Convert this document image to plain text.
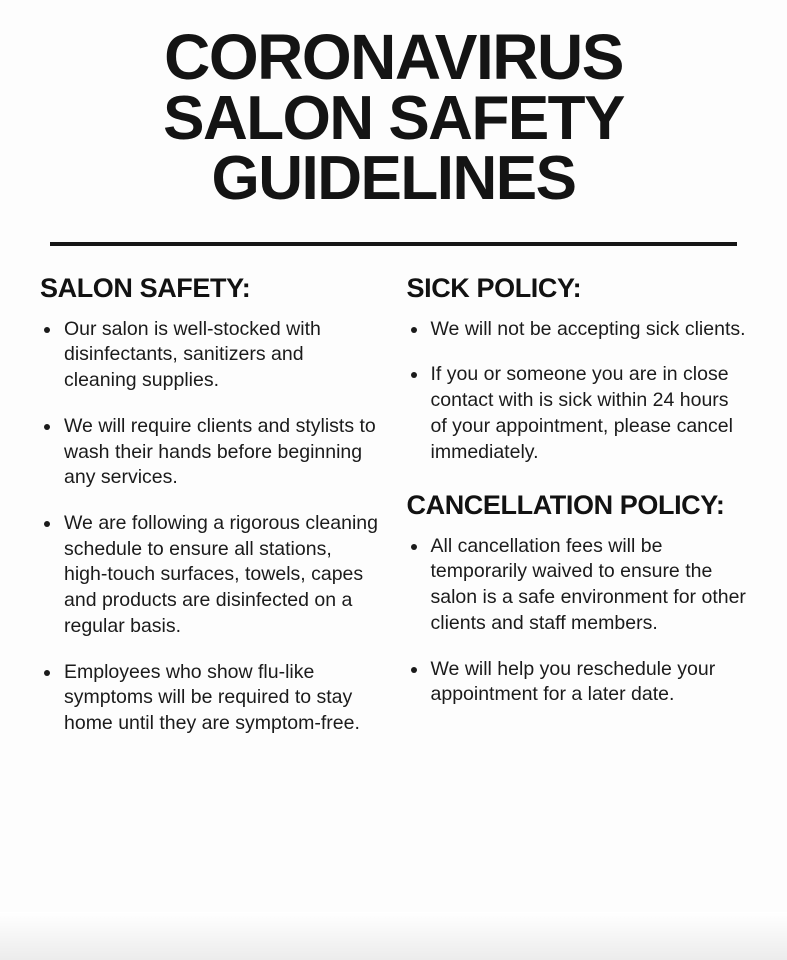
CORONAVIRUS
SALON SAFETY
GUIDELINES
SALON SAFETY:
Our salon is well-stocked with disinfectants, sanitizers and cleaning supplies.
We will require clients and stylists to wash their hands before beginning any services.
We are following a rigorous cleaning schedule to ensure all stations, high-touch surfaces, towels, capes and products are disinfected on a regular basis.
Employees who show flu-like symptoms will be required to stay home until they are symptom-free.
SICK POLICY:
We will not be accepting sick clients.
If you or someone you are in close contact with is sick within 24 hours of your appointment, please cancel immediately.
CANCELLATION POLICY:
All cancellation fees will be temporarily waived to ensure the salon is a safe environment for other clients and staff members.
We will help you reschedule your appointment for a later date.
